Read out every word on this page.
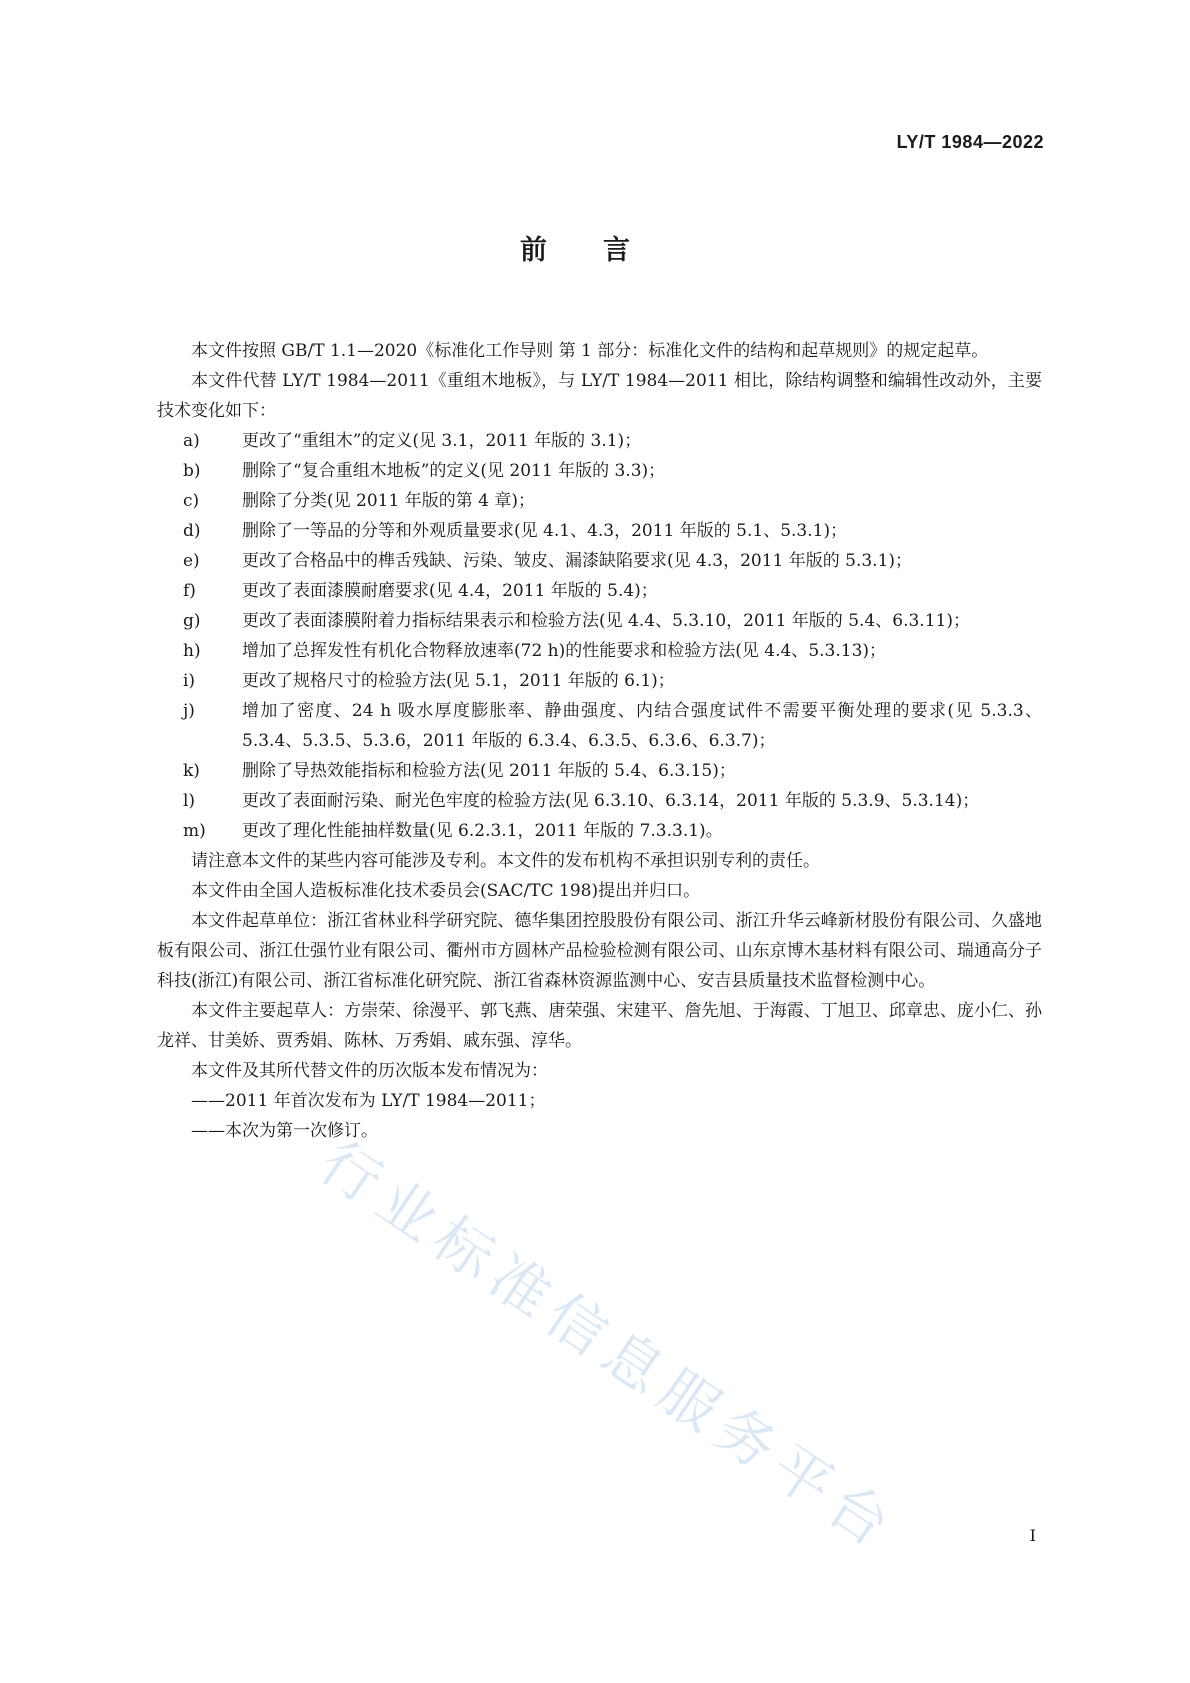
LY/T 1984—2022
前 言

本文件按照 GB/T 1.1—2020《标准化工作导则 第 1 部分：标准化文件的结构和起草规则》的规定起草。

本文件代替 LY/T 1984—2011《重组木地板》，与 LY/T 1984—2011 相比，除结构调整和编辑性改动外，主要技术变化如下：

a) 更改了“重组木”的定义(见 3.1，2011 年版的 3.1)；
b) 删除了“复合重组木地板”的定义(见 2011 年版的 3.3)；
c)	删除了分类(见 2011 年版的第 4 章)；
d) 删除了一等品的分等和外观质量要求(见 4.1、4.3，2011 年版的 5.1、5.3.1)；
e) 更改了合格品中的榫舌残缺、污染、皱皮、漏漆缺陷要求(见 4.3，2011 年版的 5.3.1)；
f)	更改了表面漆膜耐磨要求(见 4.4，2011 年版的 5.4)；
g) 更改了表面漆膜附着力指标结果表示和检验方法(见 4.4、5.3.10，2011 年版的 5.4、6.3.11)；
h) 增加了总挥发性有机化合物释放速率(72 h)的性能要求和检验方法(见 4.4、5.3.13)；
i)	更改了规格尺寸的检验方法(见 5.1，2011 年版的 6.1)；
j)	增加了密度、24 h 吸水厚度膨胀率、静曲强度、内结合强度试件不需要平衡处理的要求(见 5.3.3、5.3.4、5.3.5、5.3.6，2011 年版的 6.3.4、6.3.5、6.3.6、6.3.7)；
k) 删除了导热效能指标和检验方法(见 2011 年版的 5.4、6.3.15)；
l)	更改了表面耐污染、耐光色牢度的检验方法(见 6.3.10、6.3.14，2011 年版的 5.3.9、5.3.14)；
m) 更改了理化性能抽样数量(见 6.2.3.1，2011 年版的 7.3.3.1)。

请注意本文件的某些内容可能涉及专利。本文件的发布机构不承担识别专利的责任。

本文件由全国人造板标准化技术委员会(SAC/TC 198)提出并归口。

本文件起草单位：浙江省林业科学研究院、德华集团控股股份有限公司、浙江升华云峰新材股份有限公司、久盛地板有限公司、浙江仕强竹业有限公司、衢州市方圆林产品检验检测有限公司、山东京博木基材料有限公司、瑞通高分子科技(浙江)有限公司、浙江省标准化研究院、浙江省森林资源监测中心、安吉县质量技术监督检测中心。

本文件主要起草人：方崇荣、徐漫平、郭飞燕、唐荣强、宋建平、詹先旭、于海霞、丁旭卫、邱章忠、庞小仁、孙龙祥、甘美娇、贾秀娟、陈林、万秀娟、戚东强、淳华。

本文件及其所代替文件的历次版本发布情况为：

——2011 年首次发布为 LY/T 1984—2011；

——本次为第一次修订。

行业标准信息服务平台	I
